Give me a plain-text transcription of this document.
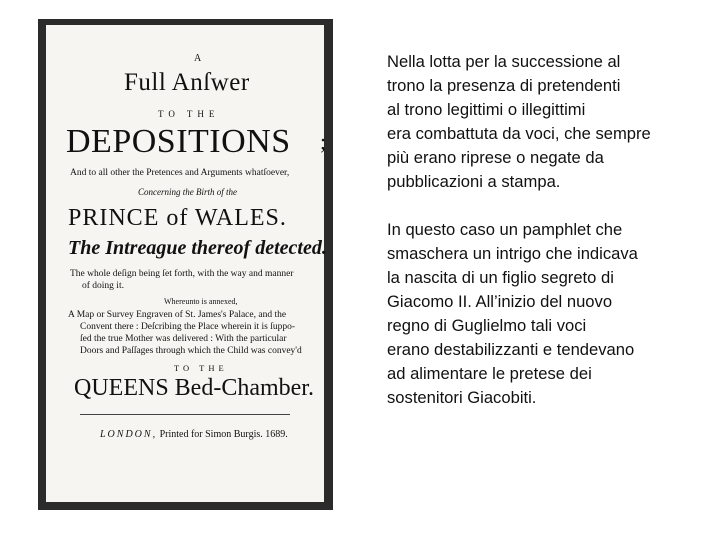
A
Full Anſwer
TO THE
DEPOSITIONS ;
And to all other the Pretences and Arguments whatſoever,
Concerning the Birth of the
PRINCE of WALES.
The Intreague thereof detected.
The whole deſign being ſet forth, with the way and manner
of doing it.
Whereunto is annexed,
A Map or Survey Engraven of St. James's Palace, and the
Convent there : Deſcribing the Place wherein it is ſuppo-
ſed the true Mother was delivered : With the particular
Doors and Paſſages through which the Child was convey'd
TO THE
QUEENS Bed-Chamber.
LONDON, Printed for Simon Burgis. 1689.

Nella lotta per la successione al
trono la presenza di pretendenti
al trono legittimi o illegittimi
era combattuta da voci, che sempre
più erano riprese o negate da
pubblicazioni a stampa.

In questo caso un pamphlet che
smaschera un intrigo che indicava
la nascita di un figlio segreto di
Giacomo II. All’inizio del nuovo
regno di Guglielmo tali voci
erano destabilizzanti e tendevano
ad alimentare le pretese dei
sostenitori Giacobiti.
